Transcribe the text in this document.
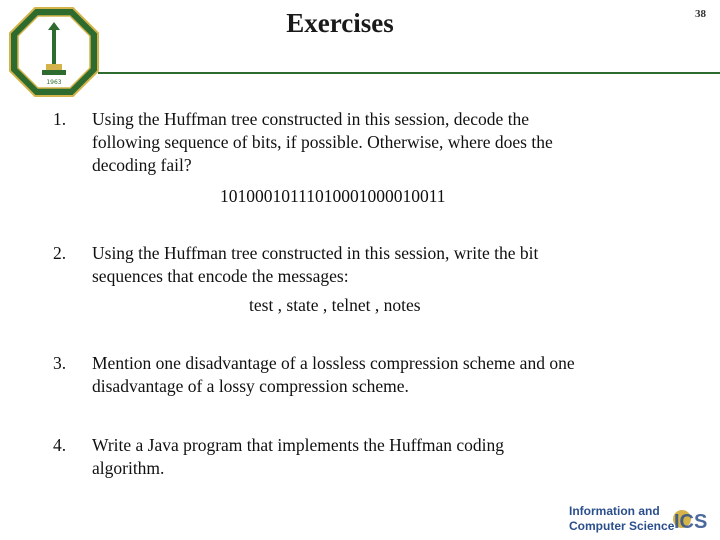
1963
Exercises	38
1. Using the Huffman tree constructed in this session, decode the
following sequence of bits, if possible. Otherwise, where does the
decoding fail?
10100010111010001000010011
2. Using the Huffman tree constructed in this session, write the bit
sequences that encode the messages:
test , state , telnet , notes
3. Mention one disadvantage of a lossless compression scheme and one
disadvantage of a lossy compression scheme.
4. Write a Java program that implements the Huffman coding
algorithm.
Information and
Computer Science ICS
